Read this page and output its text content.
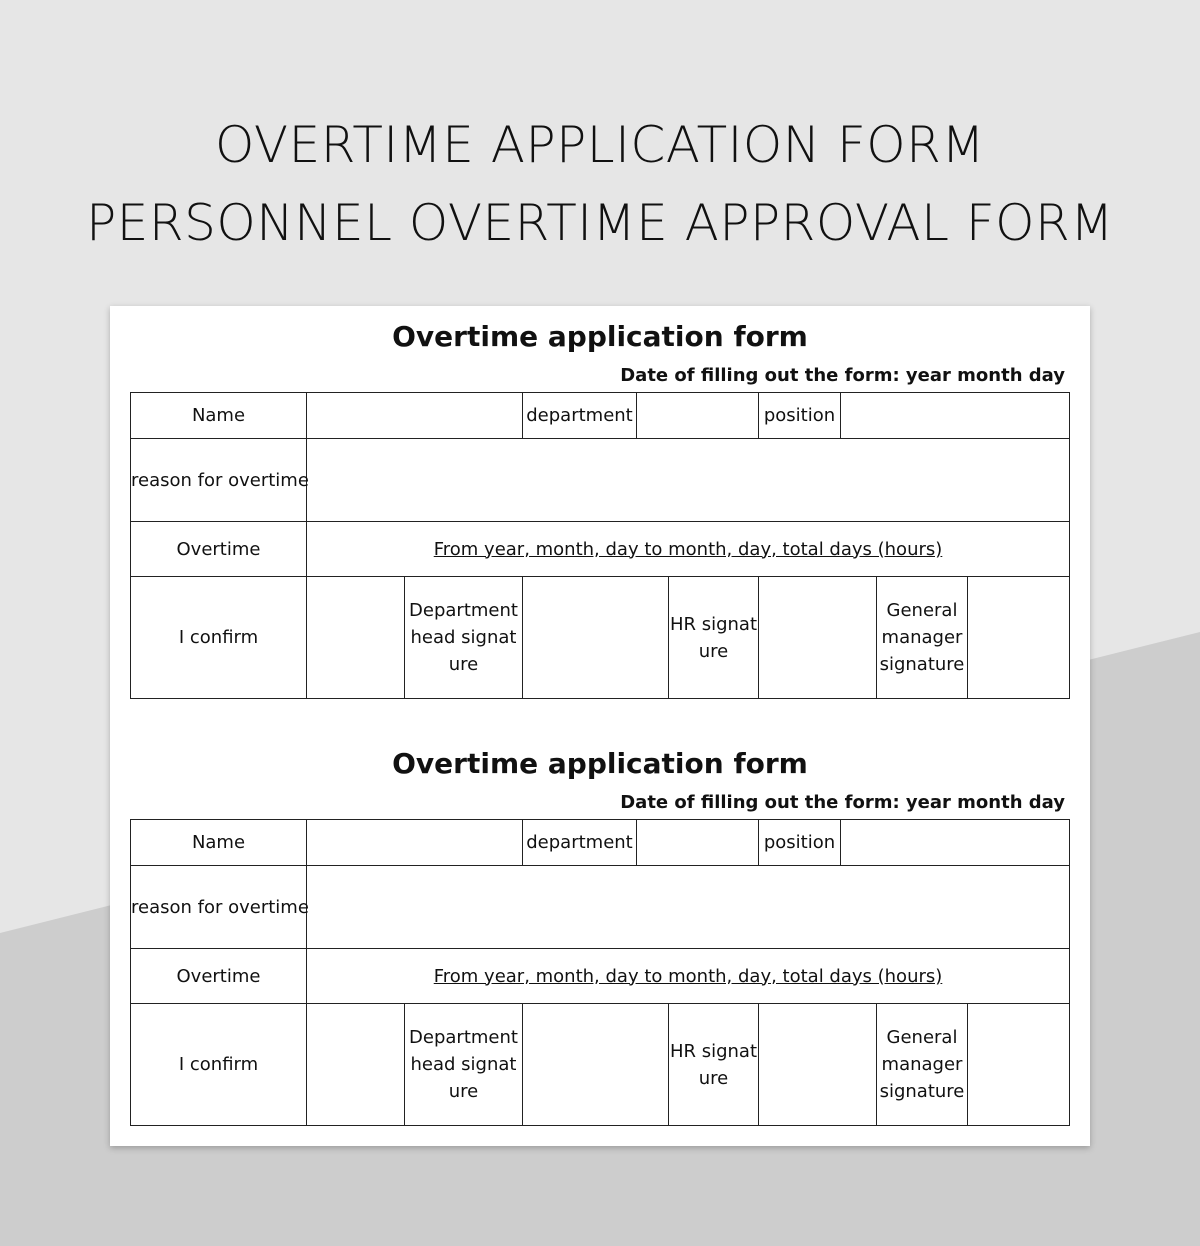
OVERTIME APPLICATION FORM
PERSONNEL OVERTIME APPROVAL FORM
Overtime application form
Date of filling out the form: year month day
Name			department			position			
reason for overtime									
Overtime	From year, month, day to month, day, total days (hours)								
I confirm		Department head signature			HR signature			General manager signature	
Overtime application form
Date of filling out the form: year month day
Name			department			position			
reason for overtime									
Overtime	From year, month, day to month, day, total days (hours)								
I confirm		Department head signature			HR signature			General manager signature	
